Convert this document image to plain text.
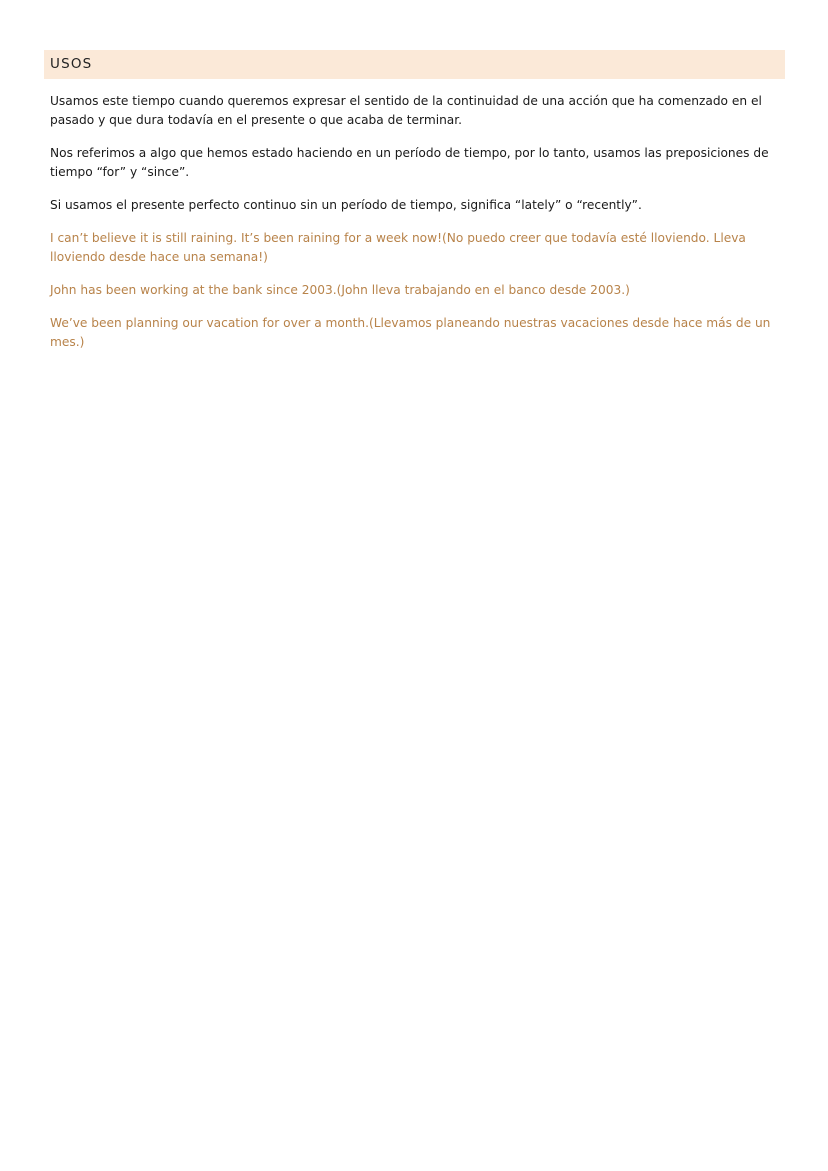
USOS

Usamos este tiempo cuando queremos expresar el sentido de la continuidad de una acción que ha comenzado en el pasado y que dura todavía en el presente o que acaba de terminar.

Nos referimos a algo que hemos estado haciendo en un período de tiempo, por lo tanto, usamos las preposiciones de tiempo “for” y “since”.

Si usamos el presente perfecto continuo sin un período de tiempo, significa “lately” o “recently”.

I can’t believe it is still raining. It’s been raining for a week now!(No puedo creer que todavía esté lloviendo. Lleva lloviendo desde hace una semana!)

John has been working at the bank since 2003.(John lleva trabajando en el banco desde 2003.)

We’ve been planning our vacation for over a month.(Llevamos planeando nuestras vacaciones desde hace más de un mes.)
